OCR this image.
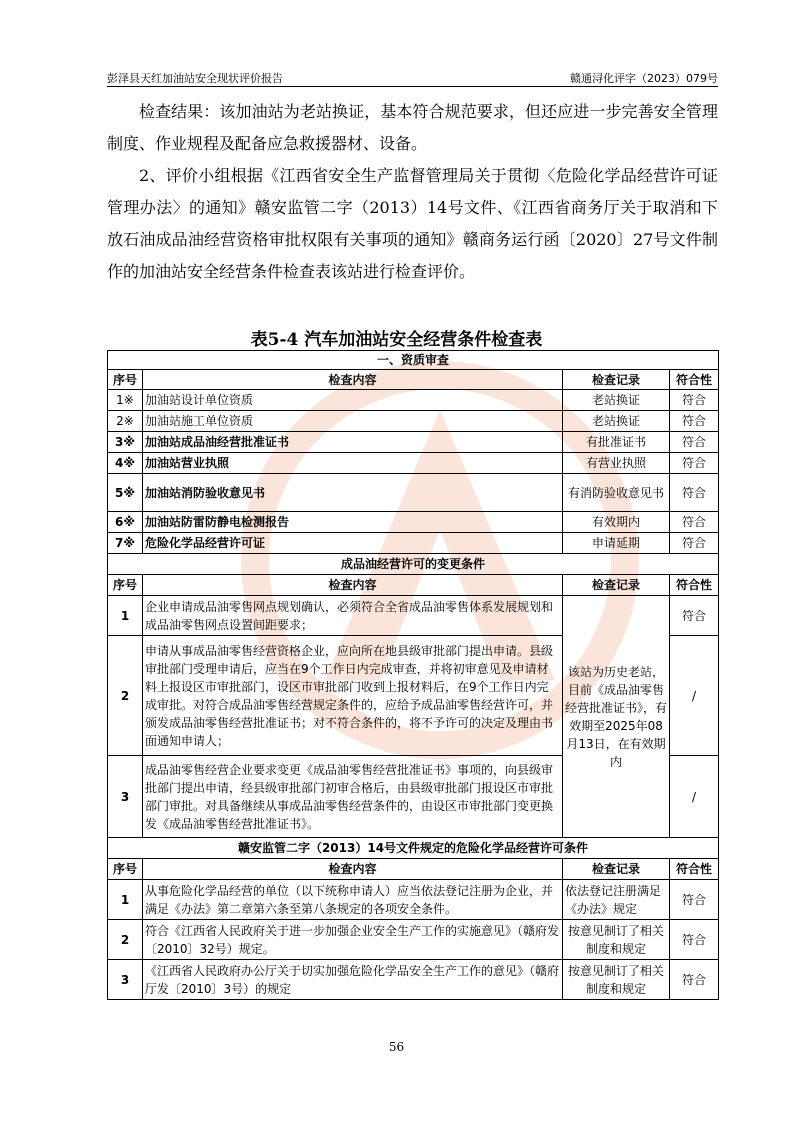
彭泽县天红加油站安全现状评价报告	赣通浔化评字（2023）079号
检查结果：该加油站为老站换证，基本符合规范要求，但还应进一步完善安全管理制度、作业规程及配备应急救援器材、设备。
2、评价小组根据《江西省安全生产监督管理局关于贯彻〈危险化学品经营许可证管理办法〉的通知》赣安监管二字（2013）14号文件、《江西省商务厅关于取消和下放石油成品油经营资格审批权限有关事项的通知》赣商务运行函〔2020〕27号文件制作的加油站安全经营条件检查表该站进行检查评价。
表5-4 汽车加油站安全经营条件检查表
一、资质审查			
序号	检查内容	检查记录	符合性
1※	加油站设计单位资质	老站换证	符合
2※	加油站施工单位资质	老站换证	符合
3※	加油站成品油经营批准证书	有批准证书	符合
4※	加油站营业执照	有营业执照	符合
5※	加油站消防验收意见书	有消防验收意见书	符合
6※	加油站防雷防静电检测报告	有效期内	符合
7※	危险化学品经营许可证	申请延期	符合
成品油经营许可的变更条件			
序号	检查内容	检查记录	符合性
1	企业申请成品油零售网点规划确认，必须符合全省成品油零售体系发展规划和成品油零售网点设置间距要求；	该站为历史老站，目前《成品油零售经营批准证书》，有效期至2025年08月13日，在有效期内	符合
2	申请从事成品油零售经营资格企业，应向所在地县级审批部门提出申请。县级审批部门受理申请后，应当在9个工作日内完成审查，并将初审意见及申请材料上报设区市审批部门，设区市审批部门收到上报材料后，在9个工作日内完成审批。对符合成品油零售经营规定条件的，应给予成品油零售经营许可，并颁发成品油零售经营批准证书；对不符合条件的，将不予许可的决定及理由书面通知申请人；		/
3	成品油零售经营企业要求变更《成品油零售经营批准证书》事项的，向县级审批部门提出申请，经县级审批部门初审合格后，由县级审批部门报设区市审批部门审批。对具备继续从事成品油零售经营条件的，由设区市审批部门变更换发《成品油零售经营批准证书》。		/
赣安监管二字（2013）14号文件规定的危险化学品经营许可条件			
序号	检查内容	检查记录	符合性
1	从事危险化学品经营的单位（以下统称申请人）应当依法登记注册为企业，并满足《办法》第二章第六条至第八条规定的各项安全条件。	依法登记注册满足《办法》规定	符合
2	符合《江西省人民政府关于进一步加强企业安全生产工作的实施意见》（赣府发〔2010〕32号）规定。	按意见制订了相关制度和规定	符合
3	《江西省人民政府办公厅关于切实加强危险化学品安全生产工作的意见》（赣府厅发〔2010〕3号）的规定	按意见制订了相关制度和规定	符合
56
